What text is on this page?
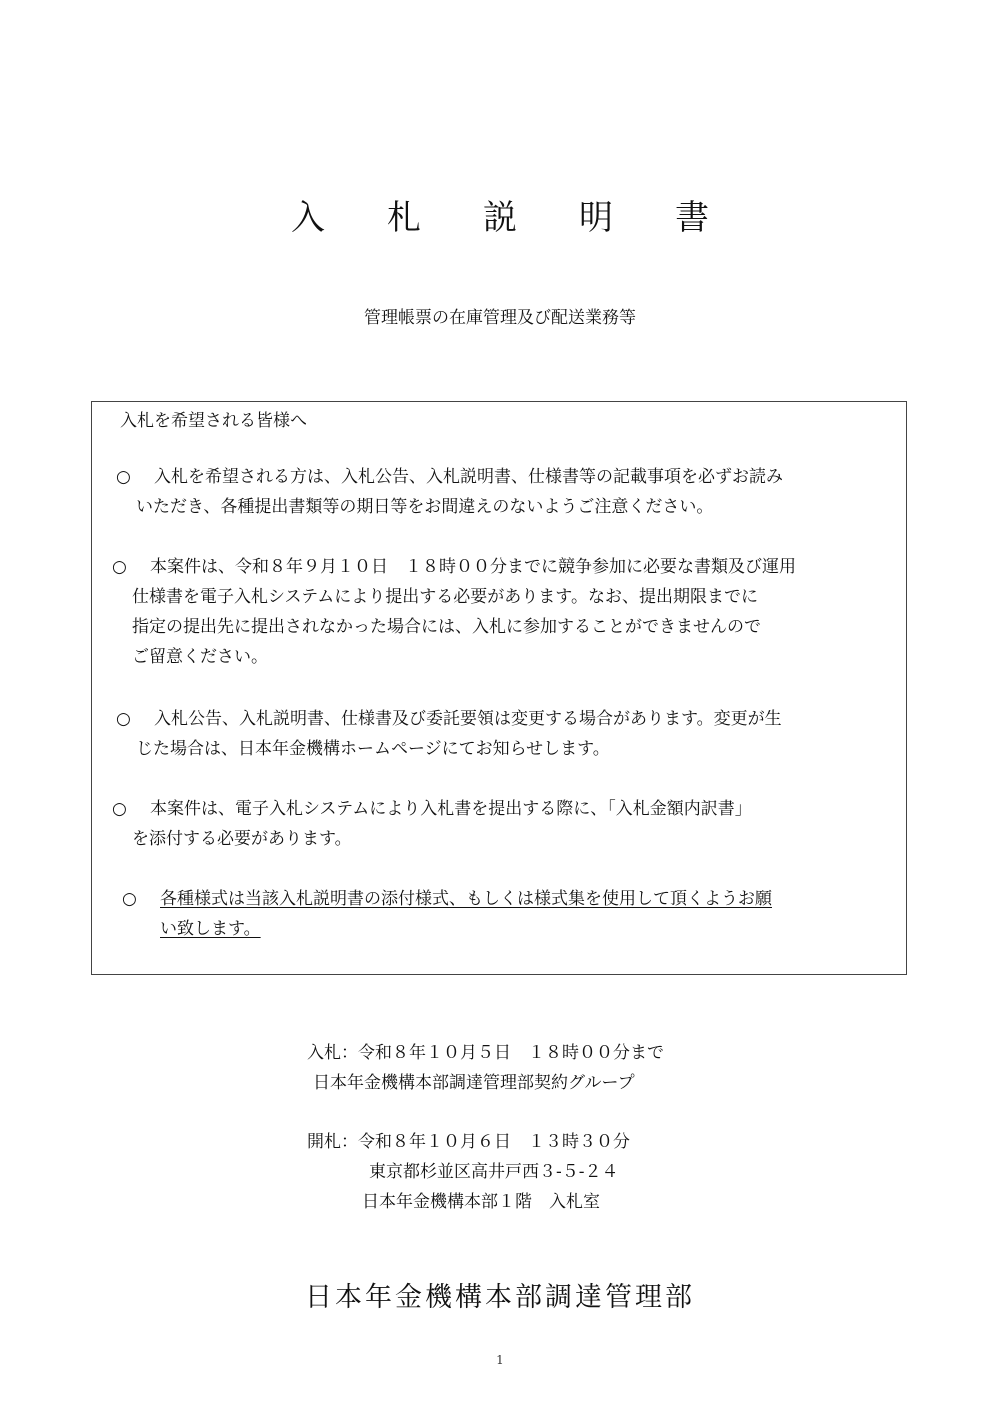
入札説明書
管理帳票の在庫管理及び配送業務等
入札を希望される皆様へ
○ 入札を希望される方は、入札公告、入札説明書、仕様書等の記載事項を必ずお読み
いただき、各種提出書類等の期日等をお間違えのないようご注意ください。
○ 本案件は、令和８年９月１０日　１８時００分までに競争参加に必要な書類及び運用
仕様書を電子入札システムにより提出する必要があります。なお、提出期限までに
指定の提出先に提出されなかった場合には、入札に参加することができませんので
ご留意ください。
○ 入札公告、入札説明書、仕様書及び委託要領は変更する場合があります。変更が生
じた場合は、日本年金機構ホームページにてお知らせします。
○ 本案件は、電子入札システムにより入札書を提出する際に、「入札金額内訳書」
を添付する必要があります。
○ 各種様式は当該入札説明書の添付様式、もしくは様式集を使用して頂くようお願
い致します。
入札：令和８年１０月５日　１８時００分まで
日本年金機構本部調達管理部契約グループ
開札：令和８年１０月６日　１３時３０分
東京都杉並区高井戸西３-５-２４
日本年金機構本部１階　入札室
日本年金機構本部調達管理部
1
